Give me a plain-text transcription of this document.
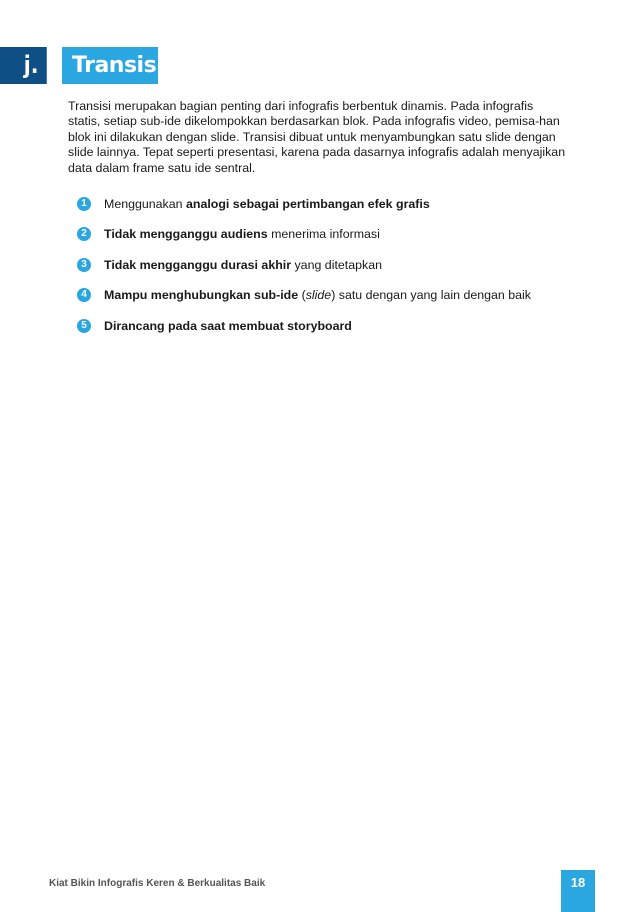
j.	Transisi

Transisi merupakan bagian penting dari infografis berbentuk dinamis. Pada infografis statis, setiap sub-ide dikelompokkan berdasarkan blok. Pada infografis video, pemisa-han blok ini dilakukan dengan slide. Transisi dibuat untuk menyambungkan satu slide dengan slide lainnya. Tepat seperti presentasi, karena pada dasarnya infografis adalah menyajikan data dalam frame satu ide sentral.

1	Menggunakan analogi sebagai pertimbangan efek grafis
2	Tidak mengganggu audiens menerima informasi
3	Tidak mengganggu durasi akhir yang ditetapkan
4	Mampu menghubungkan sub-ide (slide) satu dengan yang lain dengan baik
5	Dirancang pada saat membuat storyboard
Kiat Bikin Infografis Keren & Berkualitas Baik	18
